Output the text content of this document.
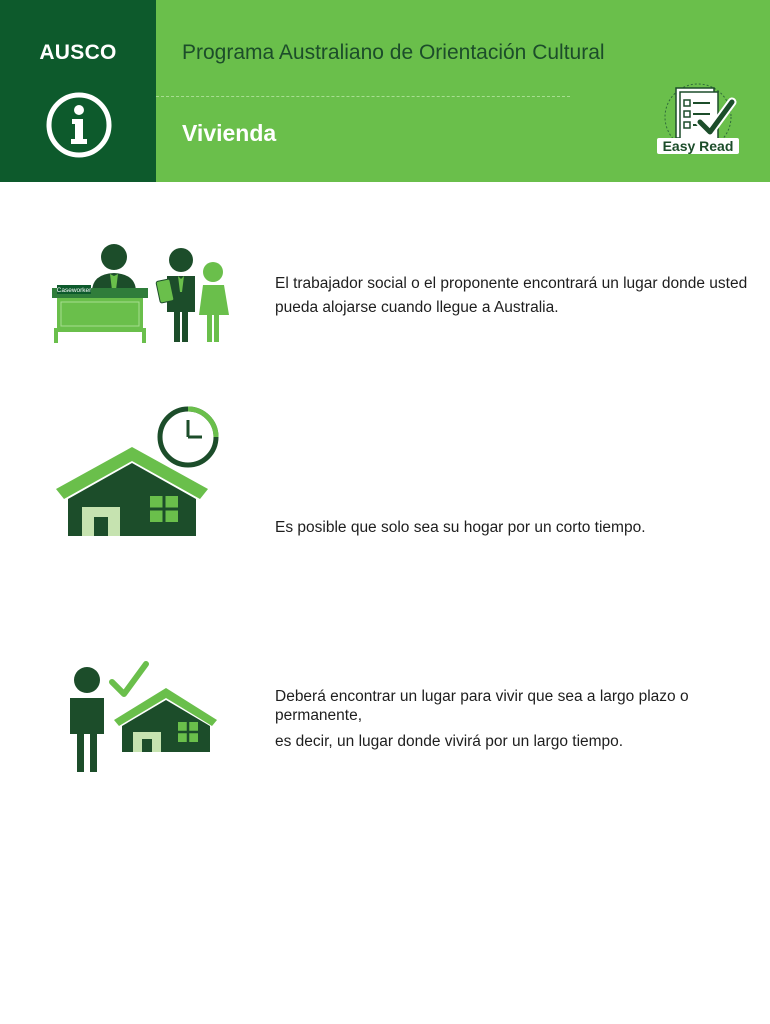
AUSCO	Programa Australiano de Orientación Cultural
Vivienda	Easy Read
Caseworker	El trabajador social o el proponente encontrará un lugar donde usted pueda alojarse cuando llegue a Australia.

Es posible que solo sea su hogar por un corto tiempo.

Deberá encontrar un lugar para vivir que sea a largo plazo o permanente,

es decir, un lugar donde vivirá por un largo tiempo.
